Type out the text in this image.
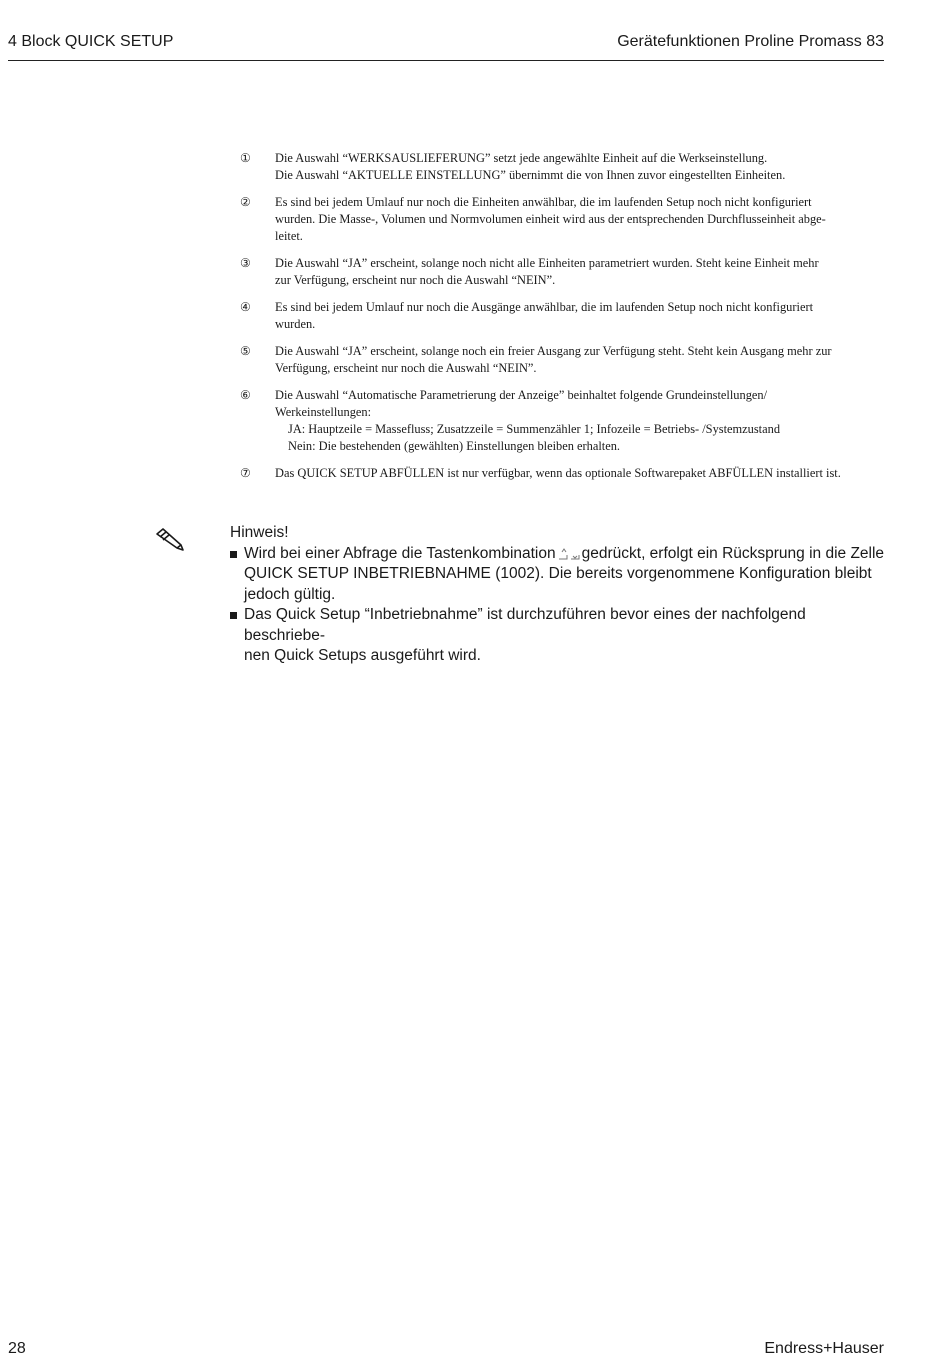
4 Block QUICK SETUP	Gerätefunktionen Proline Promass 83
① Die Auswahl “WERKSAUSLIEFERUNG” setzt jede angewählte Einheit auf die Werkseinstellung.
Die Auswahl “AKTUELLE EINSTELLUNG” übernimmt die von Ihnen zuvor eingestellten Einheiten.
② Es sind bei jedem Umlauf nur noch die Einheiten anwählbar, die im laufenden Setup noch nicht konfiguriert
wurden. Die Masse-, Volumen und Normvolumen einheit wird aus der entsprechenden Durchflusseinheit abge-
leitet.
③ Die Auswahl “JA” erscheint, solange noch nicht alle Einheiten parametriert wurden. Steht keine Einheit mehr
zur Verfügung, erscheint nur noch die Auswahl “NEIN”.
④ Es sind bei jedem Umlauf nur noch die Ausgänge anwählbar, die im laufenden Setup noch nicht konfiguriert
wurden.
⑤ Die Auswahl “JA” erscheint, solange noch ein freier Ausgang zur Verfügung steht. Steht kein Ausgang mehr zur
Verfügung, erscheint nur noch die Auswahl “NEIN”.
⑥ Die Auswahl “Automatische Parametrierung der Anzeige” beinhaltet folgende Grundeinstellungen/
Werkeinstellungen:
JA: Hauptzeile = Massefluss; Zusatzzeile = Summenzähler 1; Infozeile = Betriebs- /Systemzustand
Nein: Die bestehenden (gewählten) Einstellungen bleiben erhalten.
⑦ Das QUICK SETUP ABFÜLLEN ist nur verfügbar, wenn das optionale Softwarepaket ABFÜLLEN installiert ist.
Hinweis!
Wird bei einer Abfrage die Tastenkombination gedrückt, erfolgt ein Rücksprung in die Zelle
QUICK SETUP INBETRIEBNAHME (1002). Die bereits vorgenommene Konfiguration bleibt
jedoch gültig.
Das Quick Setup “Inbetriebnahme” ist durchzuführen bevor eines der nachfolgend beschriebe-
nen Quick Setups ausgeführt wird.
28	Endress+Hauser
